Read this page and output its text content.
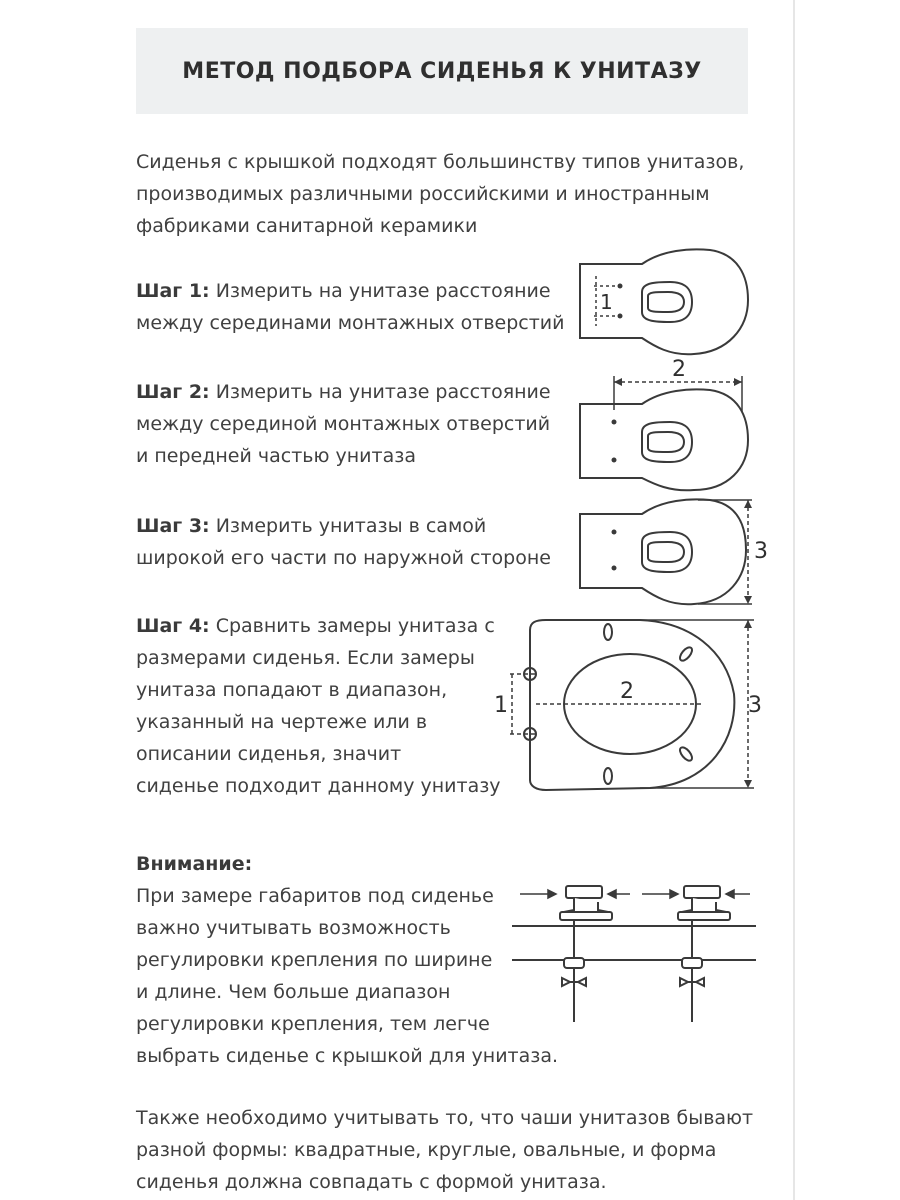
МЕТОД ПОДБОРА СИДЕНЬЯ К УНИТАЗУ

Сиденья с крышкой подходят большинству типов унитазов,

производимых различными российскими и иностранным

фабриками санитарной керамики

Шаг 1: Измерить на унитазе расстояние

между серединами монтажных отверстий

1

Шаг 2: Измерить на унитазе расстояние

между серединой монтажных отверстий

и передней частью унитаза

2

Шаг 3: Измерить унитазы в самой

широкой его части по наружной стороне	3

Шаг 4: Сравнить замеры унитаза с

размерами сиденья. Если замеры

унитаза попадают в диапазон,

указанный на чертеже или в

описании сиденья, значит

сиденье подходит данному унитазу

1
2
3

Внимание:

При замере габаритов под сиденье

важно учитывать возможность

регулировки крепления по ширине

и длине. Чем больше диапазон

регулировки крепления, тем легче

выбрать сиденье с крышкой для унитаза.

Также необходимо учитывать то, что чаши унитазов бывают

разной формы: квадратные, круглые, овальные, и форма

сиденья должна совпадать с формой унитаза.
